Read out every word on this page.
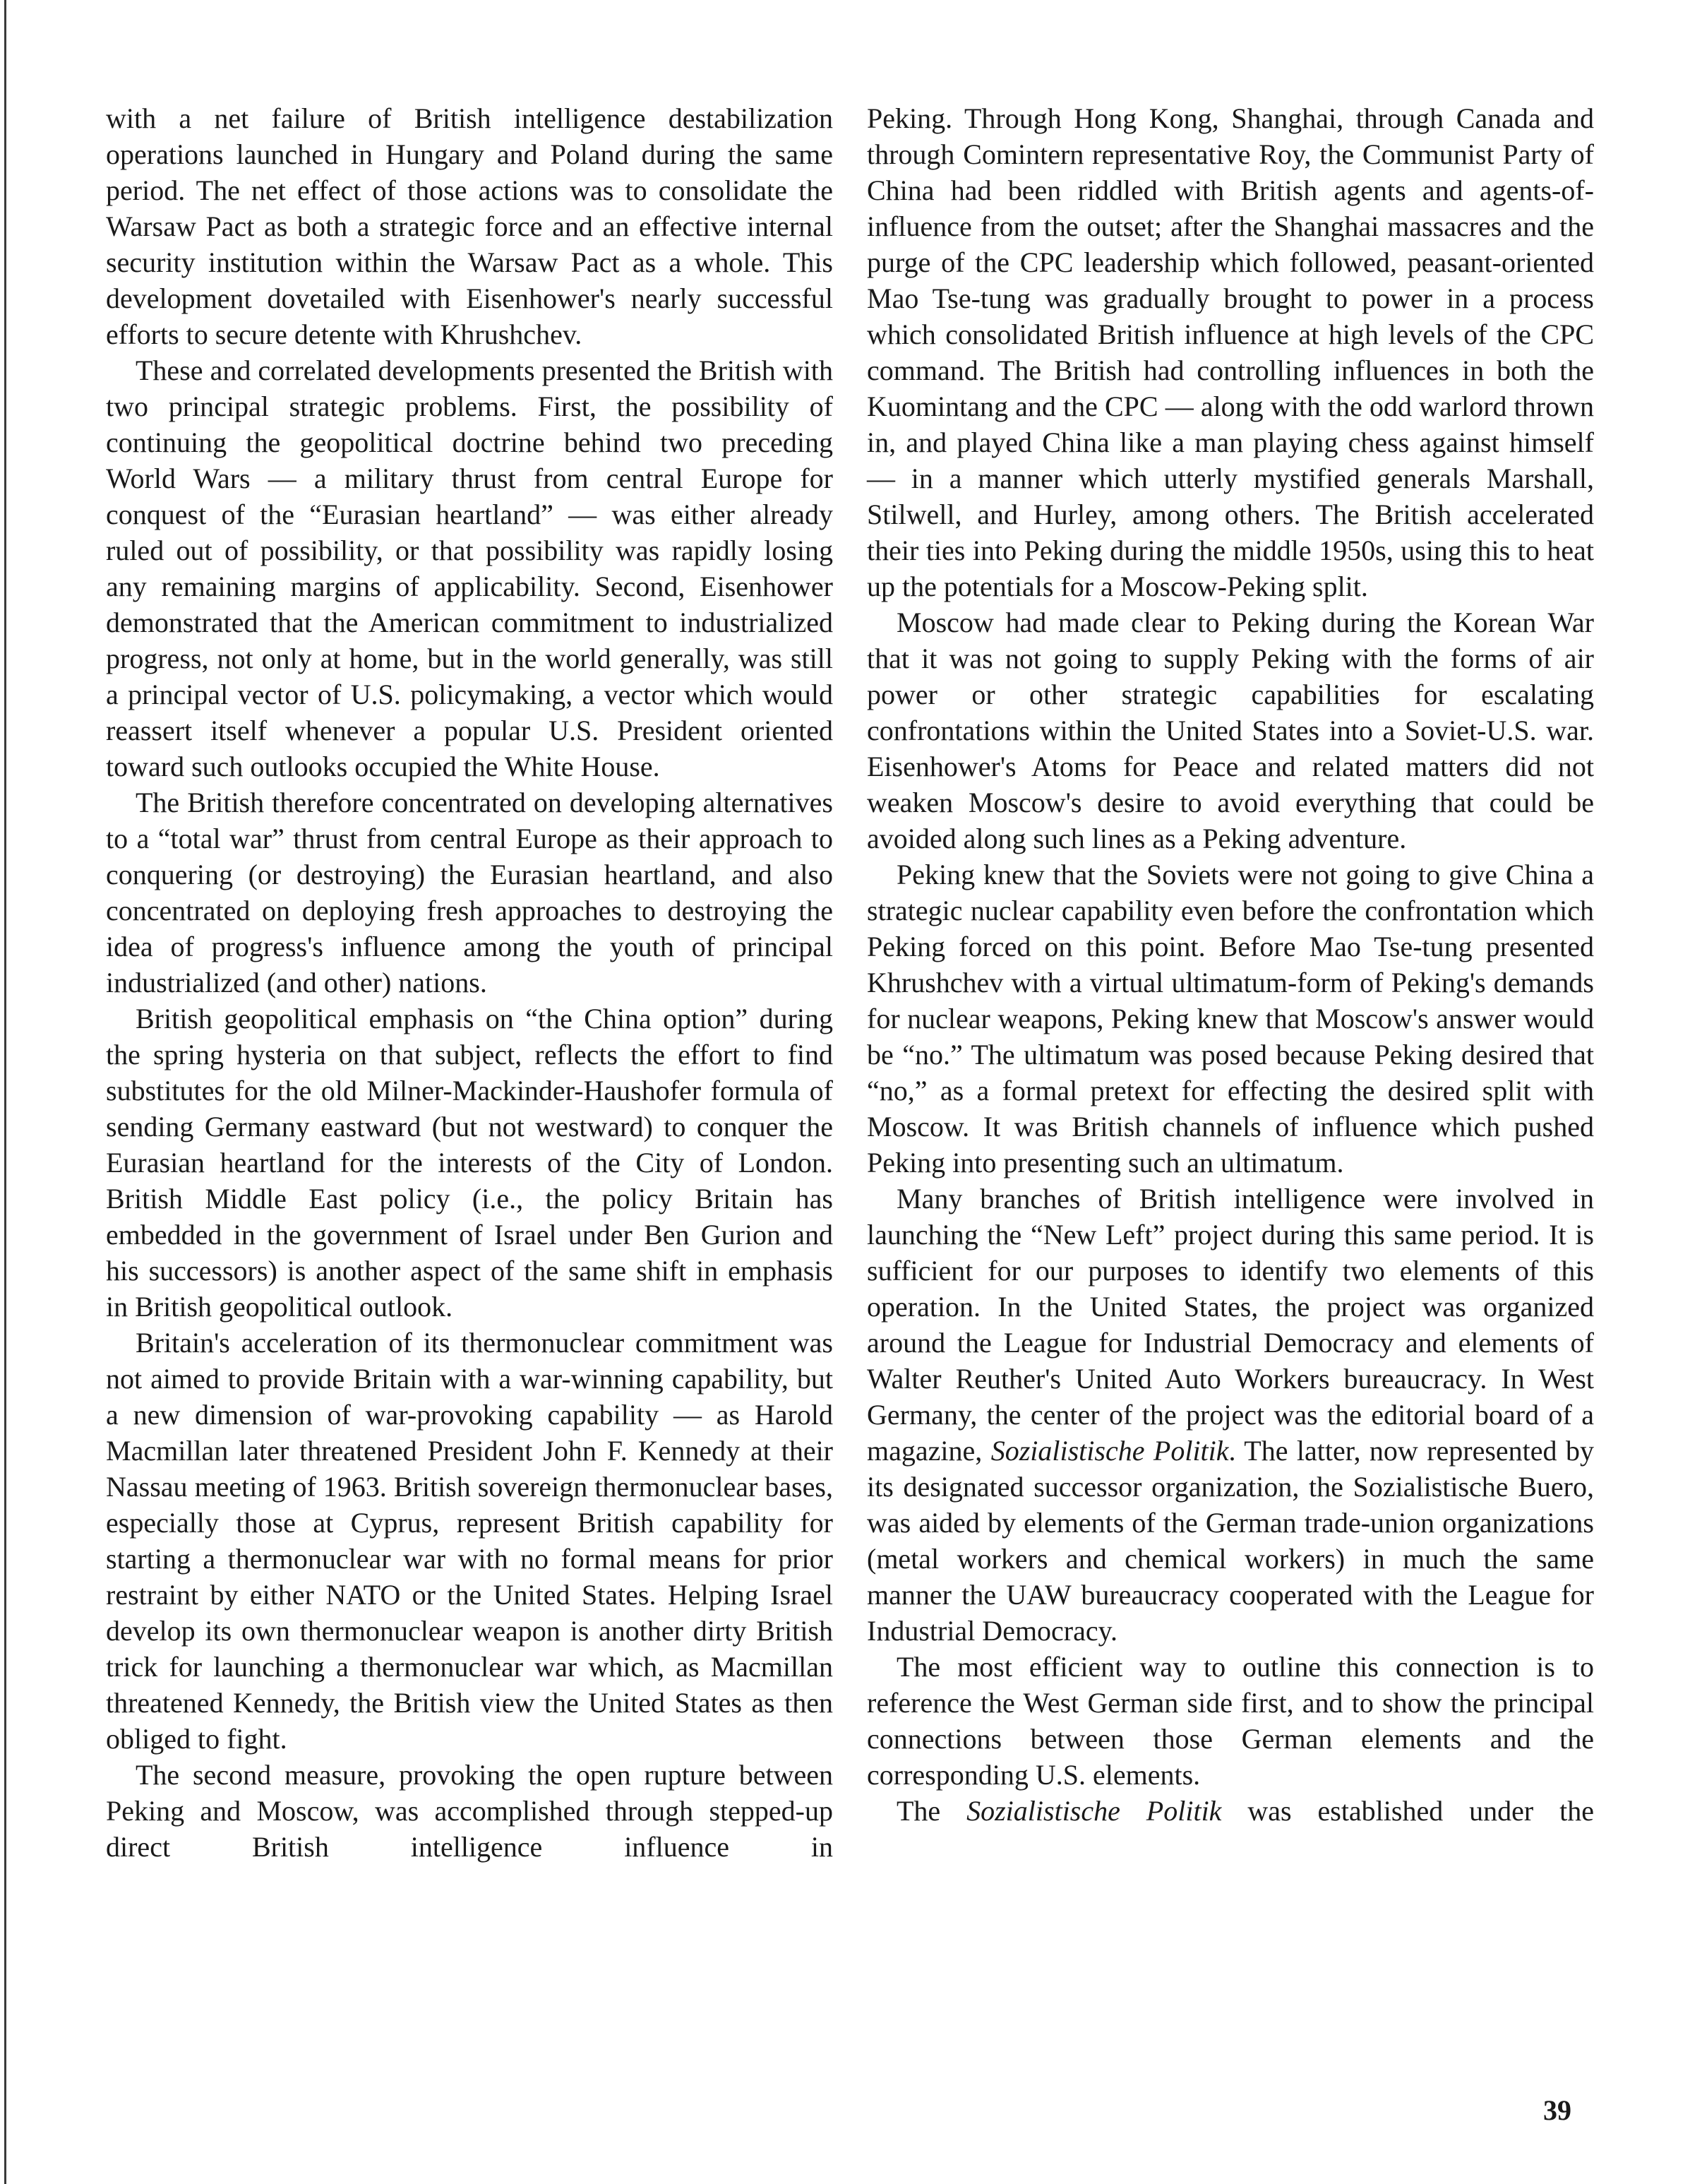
with a net failure of British intelligence destabilization operations launched in Hungary and Poland during the same period. The net effect of those actions was to consolidate the Warsaw Pact as both a strategic force and an effective internal security institution within the Warsaw Pact as a whole. This development dovetailed with Eisenhower's nearly successful efforts to secure detente with Khrushchev.

These and correlated developments presented the British with two principal strategic problems. First, the possibility of continuing the geopolitical doctrine behind two preceding World Wars — a military thrust from central Europe for conquest of the “Eurasian heartland” — was either already ruled out of possibility, or that possibility was rapidly losing any remaining margins of applicability. Second, Eisenhower demonstrated that the American commitment to industrialized progress, not only at home, but in the world generally, was still a principal vector of U.S. policymaking, a vector which would reassert itself whenever a popular U.S. President oriented toward such outlooks occupied the White House.

The British therefore concentrated on developing alternatives to a “total war” thrust from central Europe as their approach to conquering (or destroying) the Eurasian heartland, and also concentrated on deploying fresh approaches to destroying the idea of progress's influence among the youth of principal industrialized (and other) nations.

British geopolitical emphasis on “the China option” during the spring hysteria on that subject, reflects the effort to find substitutes for the old Milner-Mackinder-Haushofer formula of sending Germany eastward (but not westward) to conquer the Eurasian heartland for the interests of the City of London. British Middle East policy (i.e., the policy Britain has embedded in the government of Israel under Ben Gurion and his successors) is another aspect of the same shift in emphasis in British geopolitical outlook.

Britain's acceleration of its thermonuclear commitment was not aimed to provide Britain with a war-winning capability, but a new dimension of war-provoking capability — as Harold Macmillan later threatened President John F. Kennedy at their Nassau meeting of 1963. British sovereign thermonuclear bases, especially those at Cyprus, represent British capability for starting a thermonuclear war with no formal means for prior restraint by either NATO or the United States. Helping Israel develop its own thermonuclear weapon is another dirty British trick for launching a thermonuclear war which, as Macmillan threatened Kennedy, the British view the United States as then obliged to fight.

The second measure, provoking the open rupture between Peking and Moscow, was accomplished through stepped-up direct British intelligence influence in

Peking. Through Hong Kong, Shanghai, through Canada and through Comintern representative Roy, the Communist Party of China had been riddled with British agents and agents-of-influence from the outset; after the Shanghai massacres and the purge of the CPC leadership which followed, peasant-oriented Mao Tse-tung was gradually brought to power in a process which consolidated British influence at high levels of the CPC command. The British had controlling influences in both the Kuomintang and the CPC — along with the odd warlord thrown in, and played China like a man playing chess against himself — in a manner which utterly mystified generals Marshall, Stilwell, and Hurley, among others. The British accelerated their ties into Peking during the middle 1950s, using this to heat up the potentials for a Moscow-Peking split.

Moscow had made clear to Peking during the Korean War that it was not going to supply Peking with the forms of air power or other strategic capabilities for escalating confrontations within the United States into a Soviet-U.S. war. Eisenhower's Atoms for Peace and related matters did not weaken Moscow's desire to avoid everything that could be avoided along such lines as a Peking adventure.

Peking knew that the Soviets were not going to give China a strategic nuclear capability even before the confrontation which Peking forced on this point. Before Mao Tse-tung presented Khrushchev with a virtual ultimatum-form of Peking's demands for nuclear weapons, Peking knew that Moscow's answer would be “no.” The ultimatum was posed because Peking desired that “no,” as a formal pretext for effecting the desired split with Moscow. It was British channels of influence which pushed Peking into presenting such an ultimatum.

Many branches of British intelligence were involved in launching the “New Left” project during this same period. It is sufficient for our purposes to identify two elements of this operation. In the United States, the project was organized around the League for Industrial Democracy and elements of Walter Reuther's United Auto Workers bureaucracy. In West Germany, the center of the project was the editorial board of a magazine, Sozialistische Politik. The latter, now represented by its designated successor organization, the Sozialistische Buero, was aided by elements of the German trade-union organizations (metal workers and chemical workers) in much the same manner the UAW bureaucracy cooperated with the League for Industrial Democracy.

The most efficient way to outline this connection is to reference the West German side first, and to show the principal connections between those German elements and the corresponding U.S. elements.

The Sozialistische Politik was established under the

39
